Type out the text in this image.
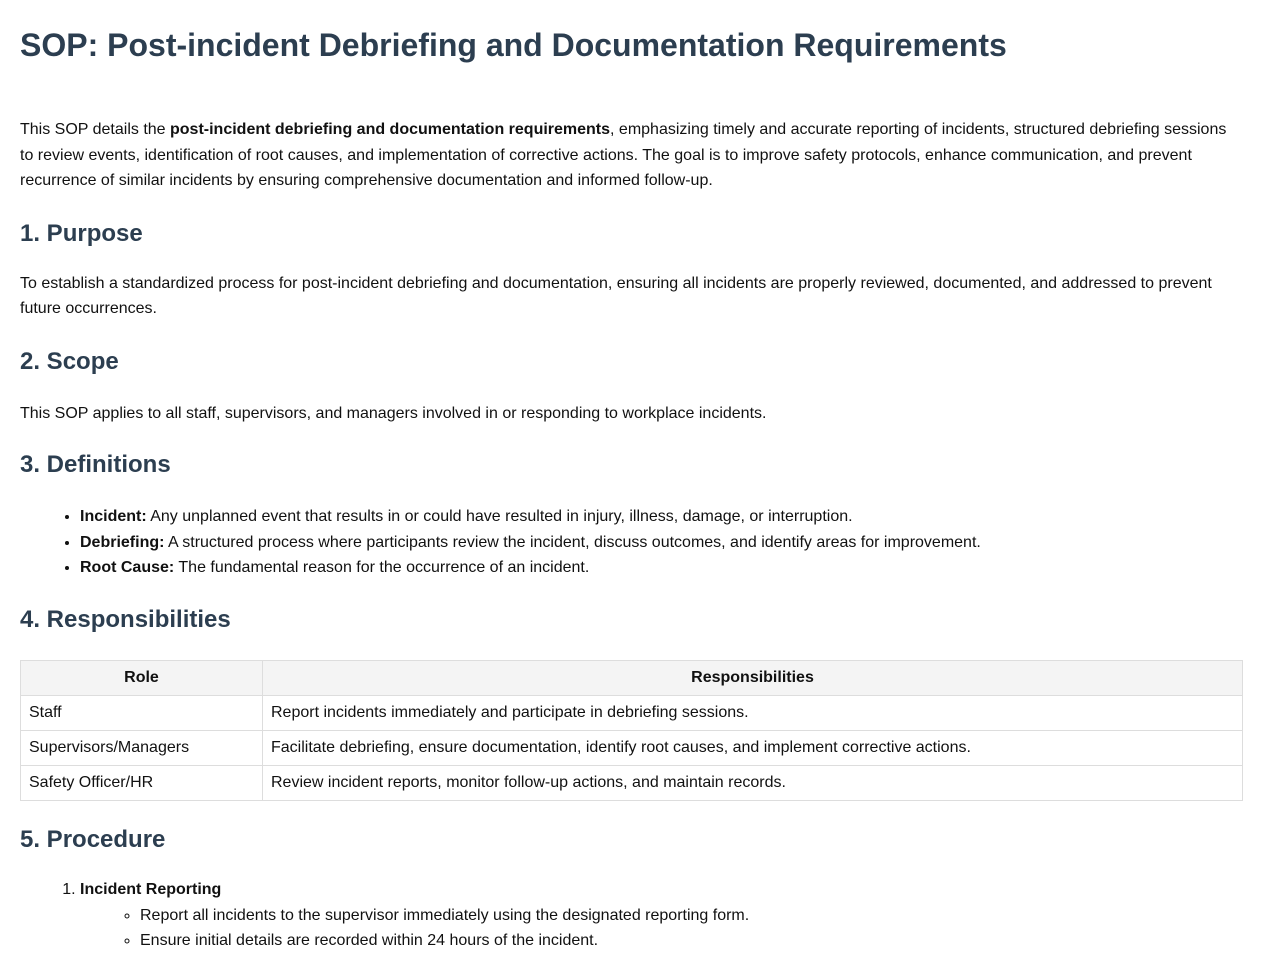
SOP: Post-incident Debriefing and Documentation Requirements

This SOP details the post-incident debriefing and documentation requirements, emphasizing timely and accurate reporting of incidents, structured debriefing sessions to review events, identification of root causes, and implementation of corrective actions. The goal is to improve safety protocols, enhance communication, and prevent recurrence of similar incidents by ensuring comprehensive documentation and informed follow-up.

1. Purpose

To establish a standardized process for post-incident debriefing and documentation, ensuring all incidents are properly reviewed, documented, and addressed to prevent future occurrences.

2. Scope

This SOP applies to all staff, supervisors, and managers involved in or responding to workplace incidents.

3. Definitions
• Incident: Any unplanned event that results in or could have resulted in injury, illness, damage, or interruption.
• Debriefing: A structured process where participants review the incident, discuss outcomes, and identify areas for improvement.
• Root Cause: The fundamental reason for the occurrence of an incident.
4. Responsibilities
Role	Responsibilities
Staff	Report incidents immediately and participate in debriefing sessions.
Supervisors/Managers	Facilitate debriefing, ensure documentation, identify root causes, and implement corrective actions.
Safety Officer/HR	Review incident reports, monitor follow-up actions, and maintain records.
5. Procedure
1. Incident Reporting
◦ Report all incidents to the supervisor immediately using the designated reporting form.
◦ Ensure initial details are recorded within 24 hours of the incident.
